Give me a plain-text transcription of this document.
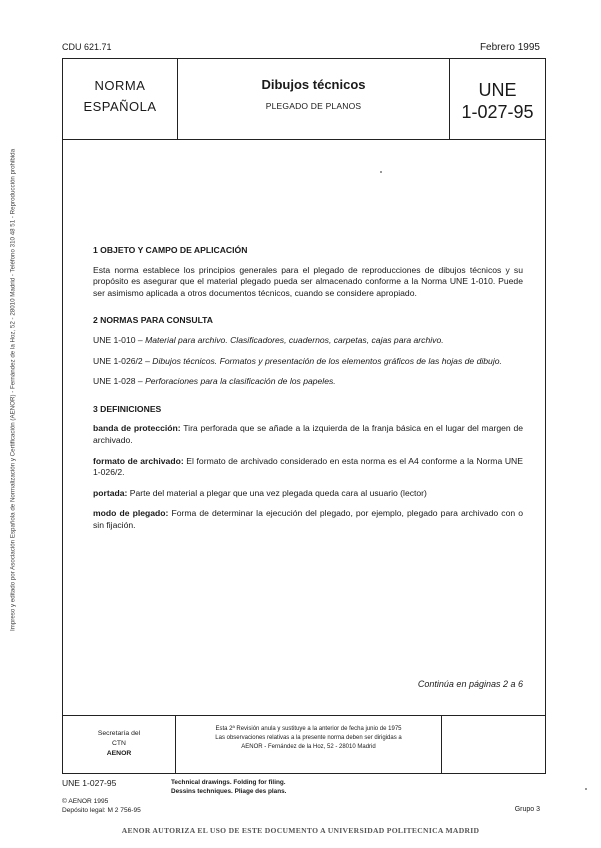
CDU 621.71	Febrero 1995
Impreso y editado por Asociación Española de Normalización y Certificación (AENOR) - Fernández de la Hoz, 52 - 28010 Madrid - Teléfono 310 48 51 - Reproducción prohibida
NORMA
ESPAÑOLA
Dibujos técnicos
PLEGADO DE PLANOS
UNE
1-027-95
1 OBJETO Y CAMPO DE APLICACIÓN

Esta norma establece los principios generales para el plegado de reproducciones de dibujos técnicos y su propósito es asegurar que el material plegado pueda ser almacenado conforme a la Norma UNE 1-010. Puede ser asimismo aplicada a otros documentos técnicos, cuando se considere apropiado.

2 NORMAS PARA CONSULTA

UNE 1-010 – Material para archivo. Clasificadores, cuadernos, carpetas, cajas para archivo.

UNE 1-026/2 – Dibujos técnicos. Formatos y presentación de los elementos gráficos de las hojas de dibujo.

UNE 1-028 – Perforaciones para la clasificación de los papeles.

3 DEFINICIONES

banda de protección: Tira perforada que se añade a la izquierda de la franja básica en el lugar del margen de archivado.

formato de archivado: El formato de archivado considerado en esta norma es el A4 conforme a la Norma UNE 1-026/2.

portada: Parte del material a plegar que una vez plegada queda cara al usuario (lector)

modo de plegado: Forma de determinar la ejecución del plegado, por ejemplo, plegado para archivado con o sin fijación.

Continúa en páginas 2 a 6
Secretaría del
CTN
AENOR
Esta 2ª Revisión anula y sustituye a la anterior de fecha junio de 1975
Las observaciones relativas a la presente norma deben ser dirigidas a
AENOR - Fernández de la Hoz, 52 - 28010 Madrid
UNE 1-027-95	Technical drawings. Folding for filing.
Dessins techniques. Pliage des plans.
© AENOR 1995
Depósito legal: M 2 756-95	Grupo 3
AENOR AUTORIZA EL USO DE ESTE DOCUMENTO A UNIVERSIDAD POLITECNICA MADRID
